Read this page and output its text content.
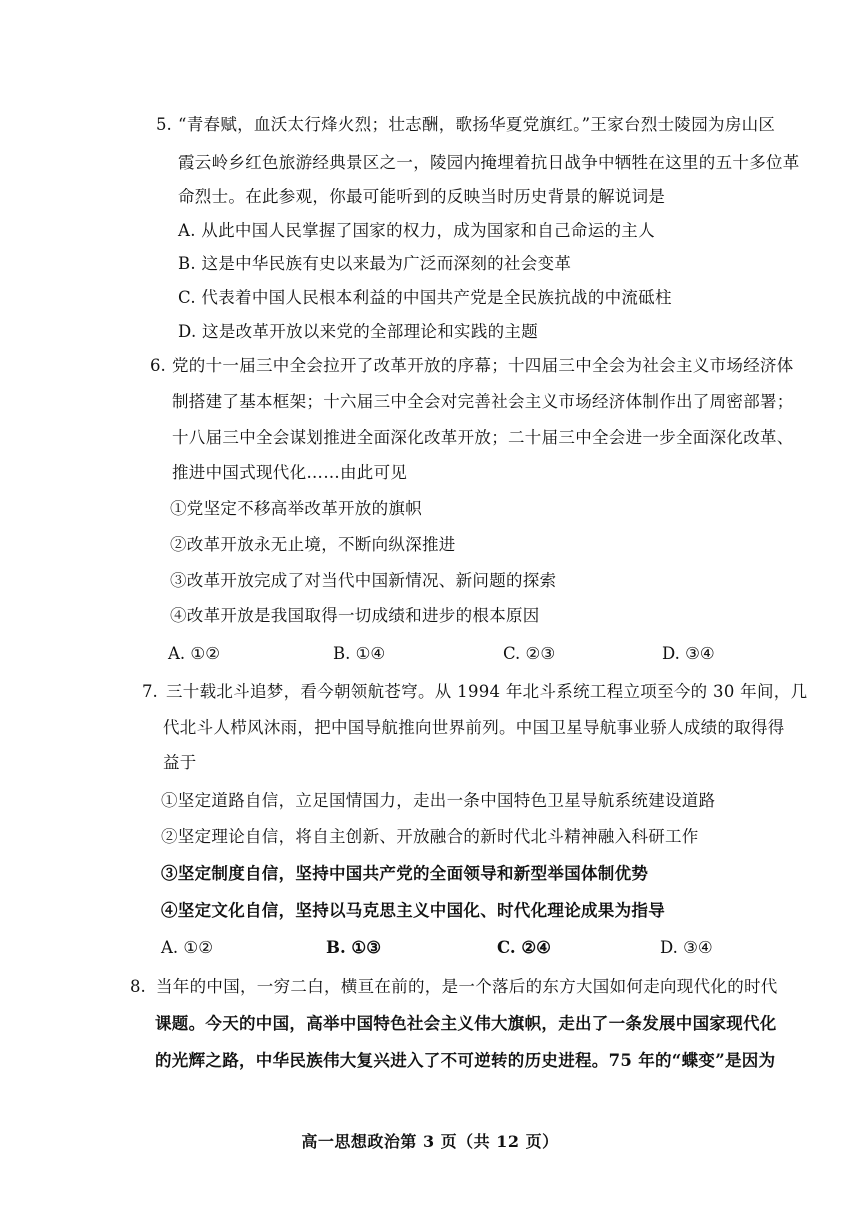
5. “青春赋，血沃太行烽火烈；壮志酬，歌扬华夏党旗红。”王家台烈士陵园为房山区
霞云岭乡红色旅游经典景区之一，陵园内掩埋着抗日战争中牺牲在这里的五十多位革
命烈士。在此参观，你最可能听到的反映当时历史背景的解说词是
A. 从此中国人民掌握了国家的权力，成为国家和自己命运的主人
B. 这是中华民族有史以来最为广泛而深刻的社会变革
C. 代表着中国人民根本利益的中国共产党是全民族抗战的中流砥柱
D. 这是改革开放以来党的全部理论和实践的主题
6. 党的十一届三中全会拉开了改革开放的序幕；十四届三中全会为社会主义市场经济体
制搭建了基本框架；十六届三中全会对完善社会主义市场经济体制作出了周密部署；
十八届三中全会谋划推进全面深化改革开放；二十届三中全会进一步全面深化改革、
推进中国式现代化……由此可见
①党坚定不移高举改革开放的旗帜
②改革开放永无止境，不断向纵深推进
③改革开放完成了对当代中国新情况、新问题的探索
④改革开放是我国取得一切成绩和进步的根本原因
A. ①②	B. ①④	C. ②③	D. ③④
7. 三十载北斗追梦，看今朝领航苍穹。从 1994 年北斗系统工程立项至今的 30 年间，几
代北斗人栉风沐雨，把中国导航推向世界前列。中国卫星导航事业骄人成绩的取得得
益于
①坚定道路自信，立足国情国力，走出一条中国特色卫星导航系统建设道路
②坚定理论自信，将自主创新、开放融合的新时代北斗精神融入科研工作
③坚定制度自信，坚持中国共产党的全面领导和新型举国体制优势
④坚定文化自信，坚持以马克思主义中国化、时代化理论成果为指导
A. ①②	B. ①③	C. ②④	D. ③④
8. 当年的中国，一穷二白，横亘在前的，是一个落后的东方大国如何走向现代化的时代
课题。今天的中国，高举中国特色社会主义伟大旗帜，走出了一条发展中国家现代化
的光辉之路，中华民族伟大复兴进入了不可逆转的历史进程。75 年的“蝶变”是因为
高一思想政治第 3 页（共 12 页）
